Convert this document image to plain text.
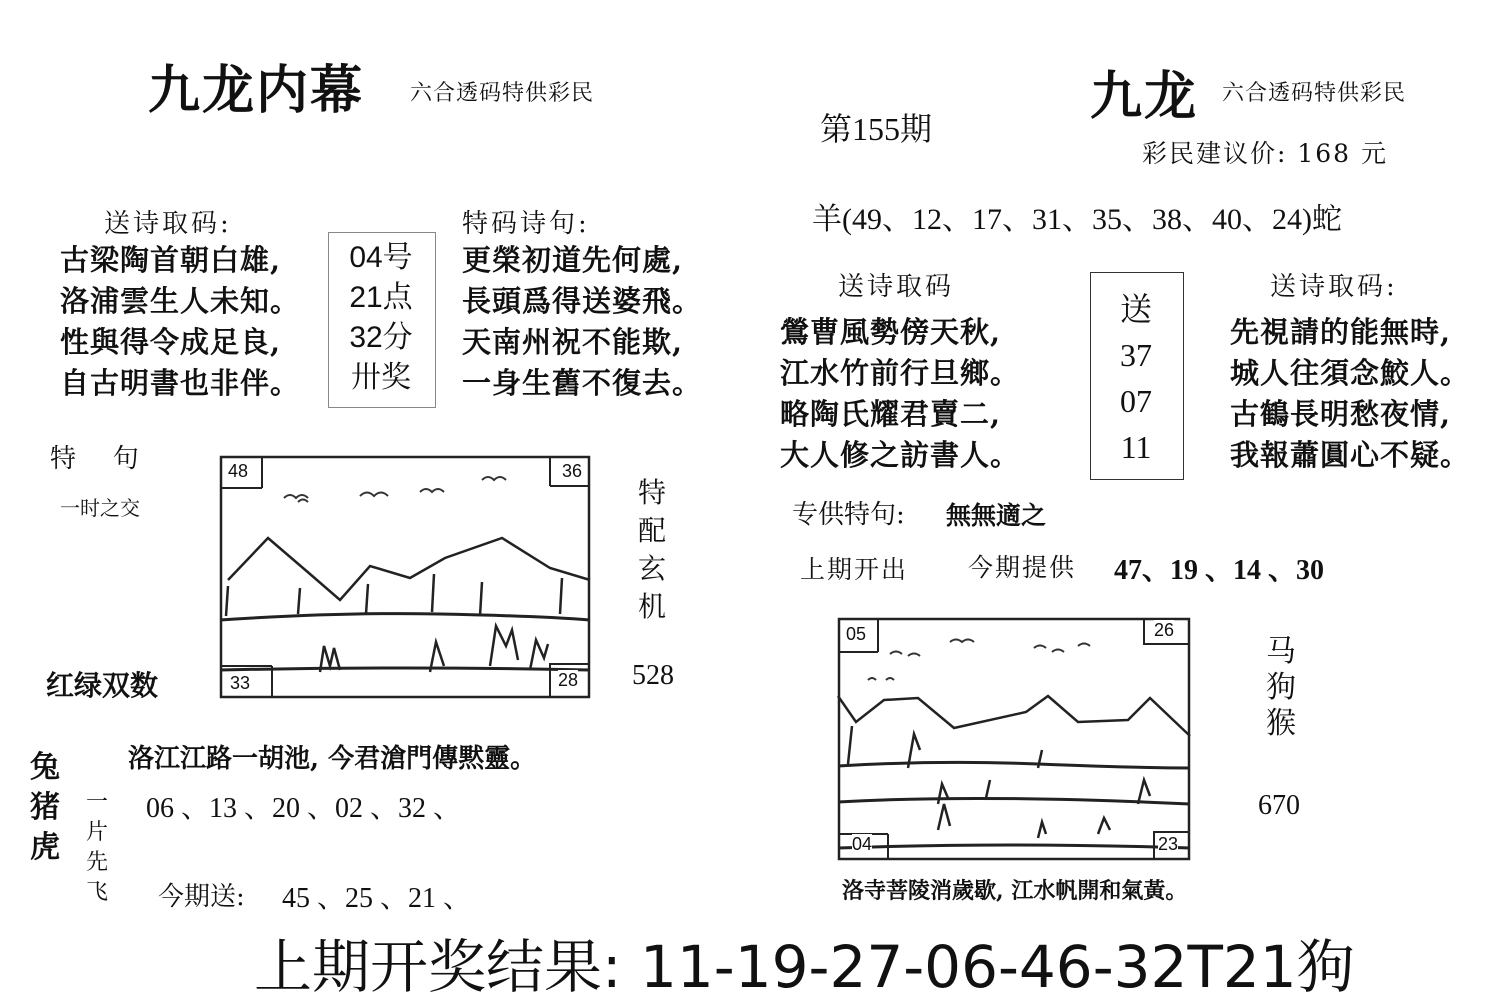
九龙内幕 六合透码特供彩民
送诗取码:
古梁陶首朝白雄,
洛浦雲生人未知。
性與得令成足良,
自古明書也非伴。
04号
21点
32分
卅奖
特码诗句:
更榮初道先何處,
長頭爲得送婆飛。
天南州祝不能欺,
一身生舊不復去。
特   句
一时之交
红绿双数
48	36
33	28
特
配
玄
机
528
洛江江路一胡池, 今君滄門傳黙靈。
兔
猪
虎
一
片
先
飞
06 、13 、20 、02 、32 、
今期送: 45 、25 、21 、
第155期
九龙 六合透码特供彩民
彩民建议价: 168 元
羊(49、12、17、31、35、38、40、24)蛇
送诗取码
鶯曹風勢傍天秋,
江水竹前行旦鄉。
略陶氏耀君賣二,
大人修之訪書人。
送
37
07
11
送诗取码:
先視請的能無時,
城人往須念鮫人。
古鶴長明愁夜情,
我報蕭圓心不疑。
专供特句: 無無適之
上期开出 今期提供 47、19 、14 、30
05	26
04	23
马
狗
猴
670
洛寺菩陵消歲歇, 江水帆開和氣黃。
上期开奖结果: 11-19-27-06-46-32T21狗
